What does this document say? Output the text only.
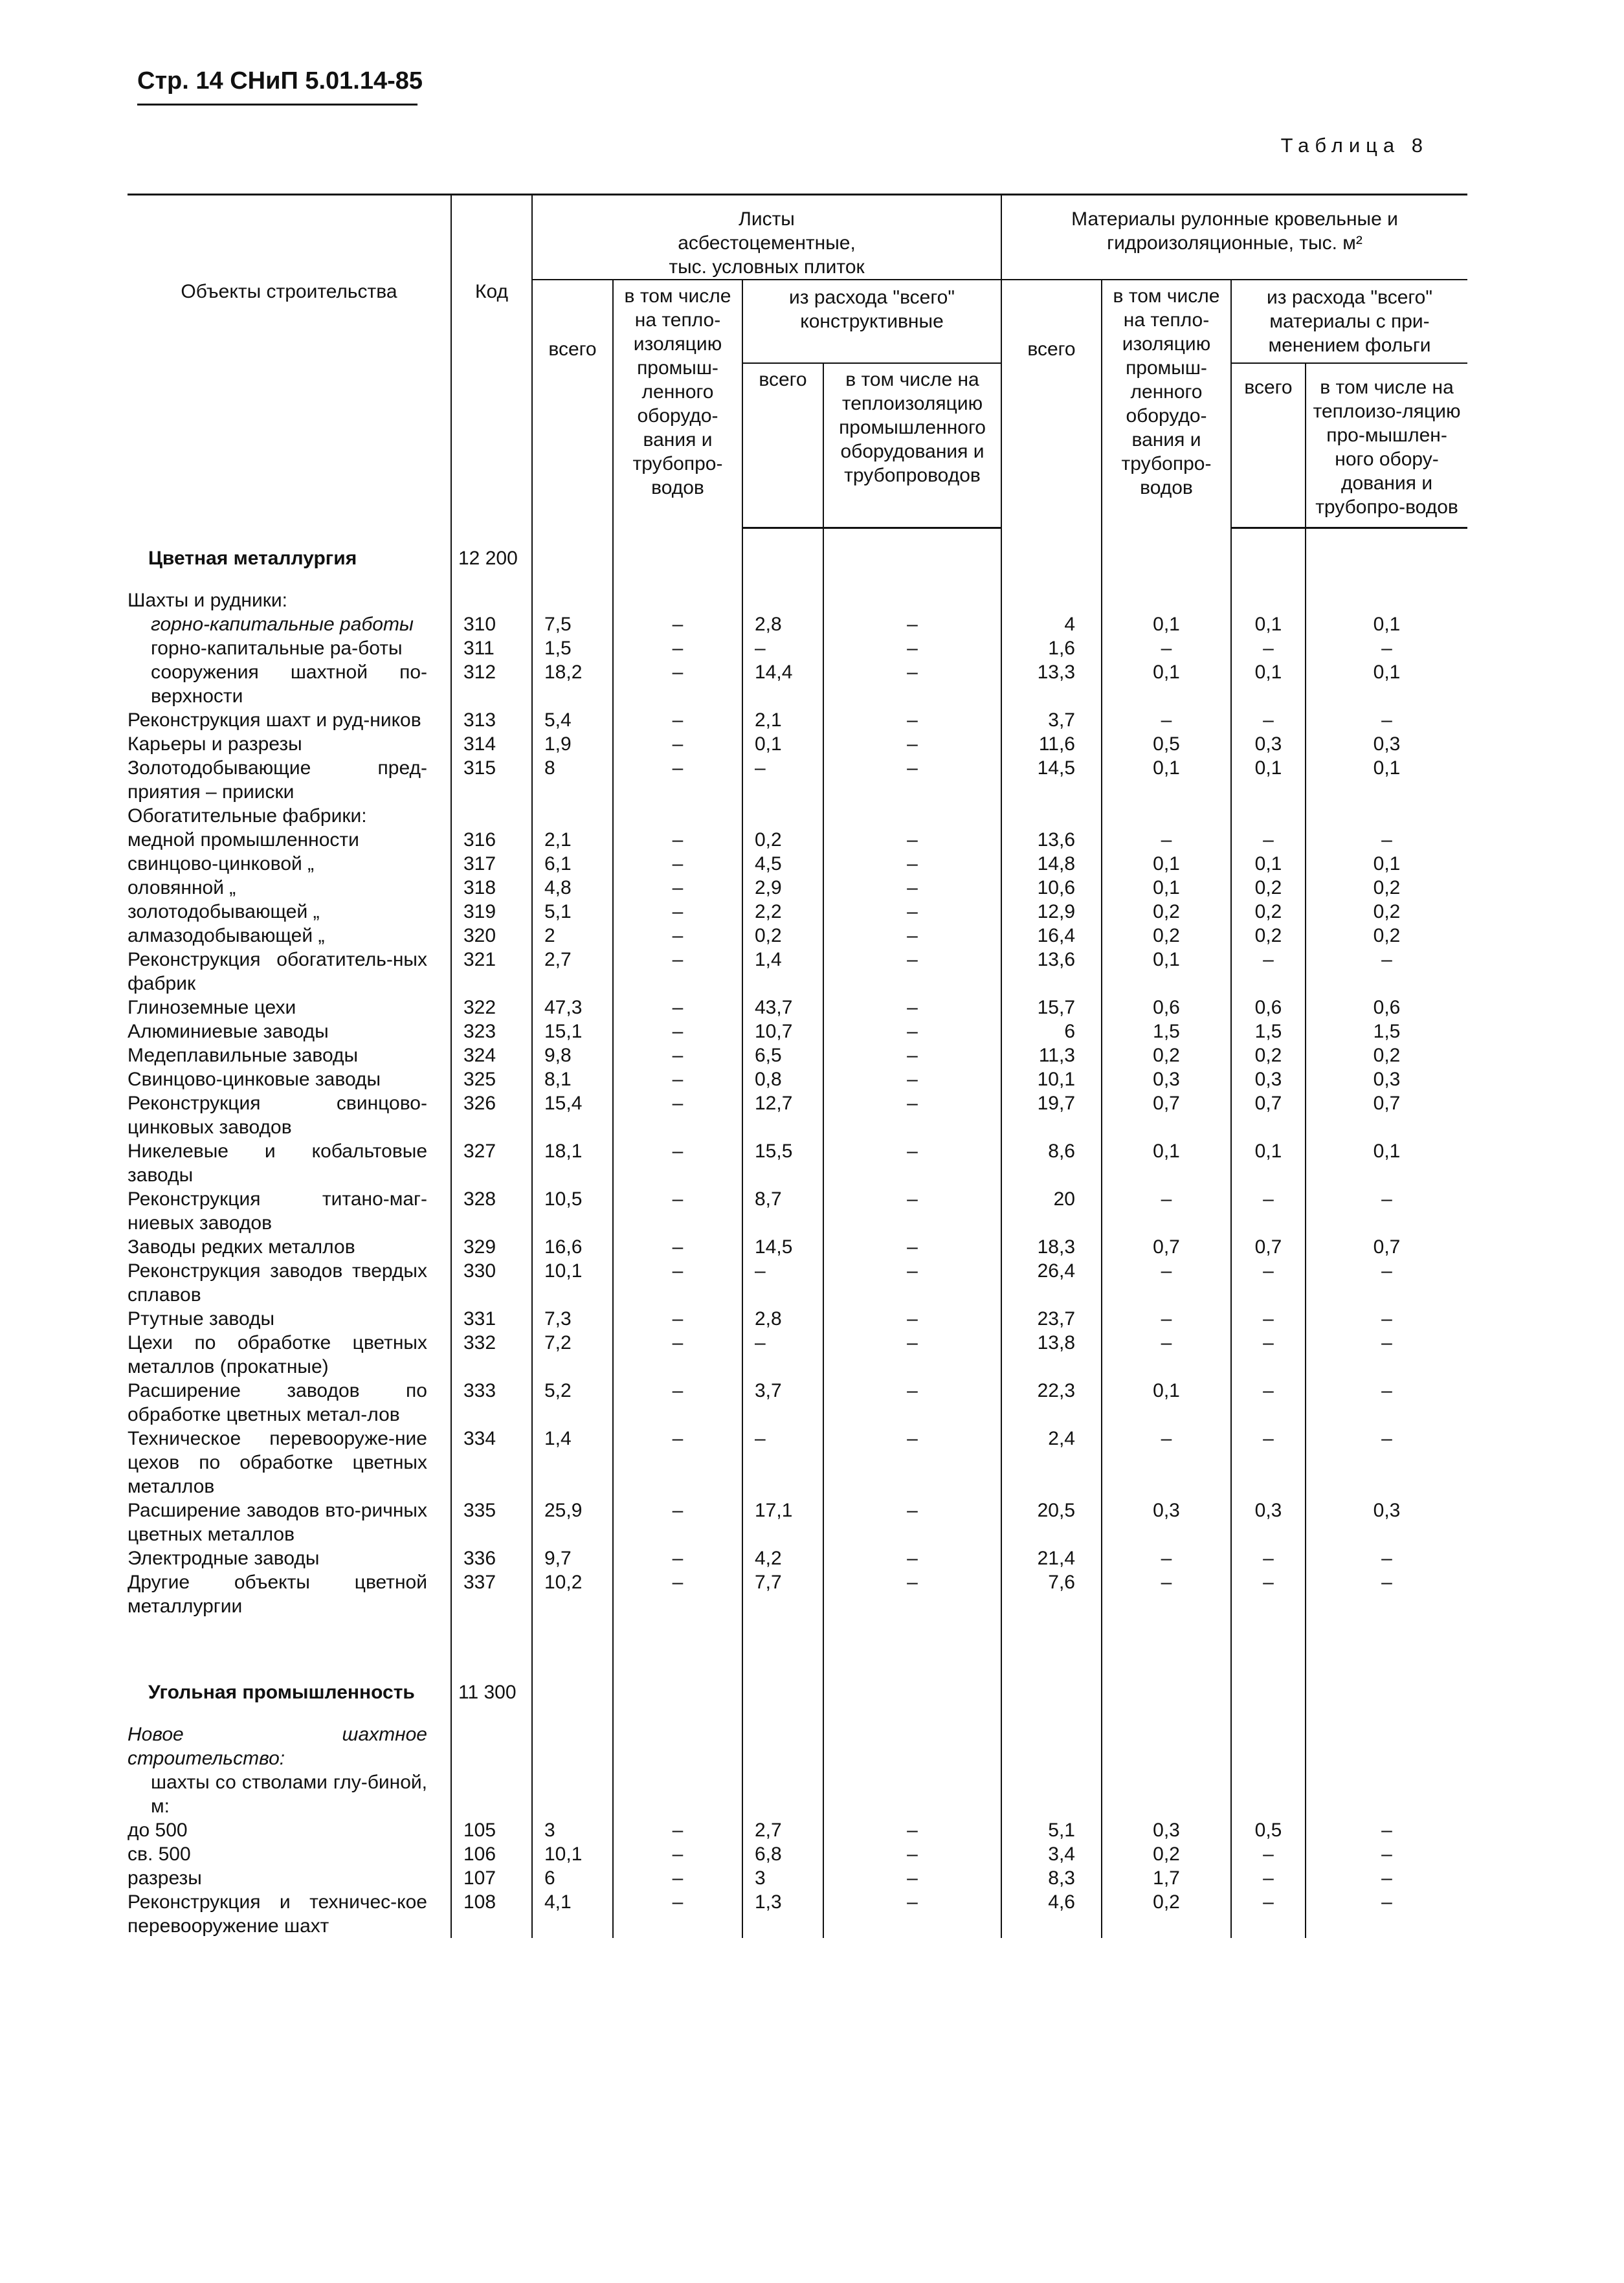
Стр. 14 СНиП 5.01.14-85
Таблица 8
Объекты строительства	Код	Листы асбестоцементные, тыс. условных плиток				Материалы рулонные кровельные и гидроизоляционные, тыс. м²			
		всего	в том числе на тепло-изоляцию промыш-ленного оборудо-вания и трубопро-водов	из расхода "всего" конструктивные		всего	в том числе на тепло-изоляцию промыш-ленного оборудо-вания и трубопро-водов	из расхода "всего" материалы с при-менением фольги	
				всего	в том числе на теплоизоляцию промышленного оборудования и трубопроводов			всего	в том числе на теплоизо-ляцию про-мышлен-ного обору-дования и трубопро-водов
Цветная металлургия	12 200								
Шахты и рудники:									
горно-капитальные работы	310	7,5	–	2,8	–	4	0,1	0,1	0,1
горно-капитальные ра-боты	311	1,5	–	–	–	1,6	–	–	–
сооружения шахтной по-верхности	312	18,2	–	14,4	–	13,3	0,1	0,1	0,1
Реконструкция шахт и руд-ников	313	5,4	–	2,1	–	3,7	–	–	–
Карьеры и разрезы	314	1,9	–	0,1	–	11,6	0,5	0,3	0,3
Золотодобывающие пред-приятия – прииски	315	8	–	–	–	14,5	0,1	0,1	0,1
Обогатительные фабрики:									
медной промышленности	316	2,1	–	0,2	–	13,6	–	–	–
свинцово-цинковой „	317	6,1	–	4,5	–	14,8	0,1	0,1	0,1
оловянной „	318	4,8	–	2,9	–	10,6	0,1	0,2	0,2
золотодобывающей „	319	5,1	–	2,2	–	12,9	0,2	0,2	0,2
алмазодобывающей „	320	2	–	0,2	–	16,4	0,2	0,2	0,2
Реконструкция обогатитель-ных фабрик	321	2,7	–	1,4	–	13,6	0,1	–	–
Глиноземные цехи	322	47,3	–	43,7	–	15,7	0,6	0,6	0,6
Алюминиевые заводы	323	15,1	–	10,7	–	6	1,5	1,5	1,5
Медеплавильные заводы	324	9,8	–	6,5	–	11,3	0,2	0,2	0,2
Свинцово-цинковые заводы	325	8,1	–	0,8	–	10,1	0,3	0,3	0,3
Реконструкция свинцово-цинковых заводов	326	15,4	–	12,7	–	19,7	0,7	0,7	0,7
Никелевые и кобальтовые заводы	327	18,1	–	15,5	–	8,6	0,1	0,1	0,1
Реконструкция титано-маг-ниевых заводов	328	10,5	–	8,7	–	20	–	–	–
Заводы редких металлов	329	16,6	–	14,5	–	18,3	0,7	0,7	0,7
Реконструкция заводов твердых сплавов	330	10,1	–	–	–	26,4	–	–	–
Ртутные заводы	331	7,3	–	2,8	–	23,7	–	–	–
Цехи по обработке цветных металлов (прокатные)	332	7,2	–	–	–	13,8	–	–	–
Расширение заводов по обработке цветных метал-лов	333	5,2	–	3,7	–	22,3	0,1	–	–
Техническое перевооруже-ние цехов по обработке цветных металлов	334	1,4	–	–	–	2,4	–	–	–
Расширение заводов вто-ричных цветных металлов	335	25,9	–	17,1	–	20,5	0,3	0,3	0,3
Электродные заводы	336	9,7	–	4,2	–	21,4	–	–	–
Другие объекты цветной металлургии	337	10,2	–	7,7	–	7,6	–	–	–

Угольная промышленность	11 300								
Новое шахтное строительство:									
шахты со стволами глу-биной, м:									
до 500	105	3	–	2,7	–	5,1	0,3	0,5	–
св. 500	106	10,1	–	6,8	–	3,4	0,2	–	–
разрезы	107	6	–	3	–	8,3	1,7	–	–
Реконструкция и техничес-кое перевооружение шахт	108	4,1	–	1,3	–	4,6	0,2	–	–
